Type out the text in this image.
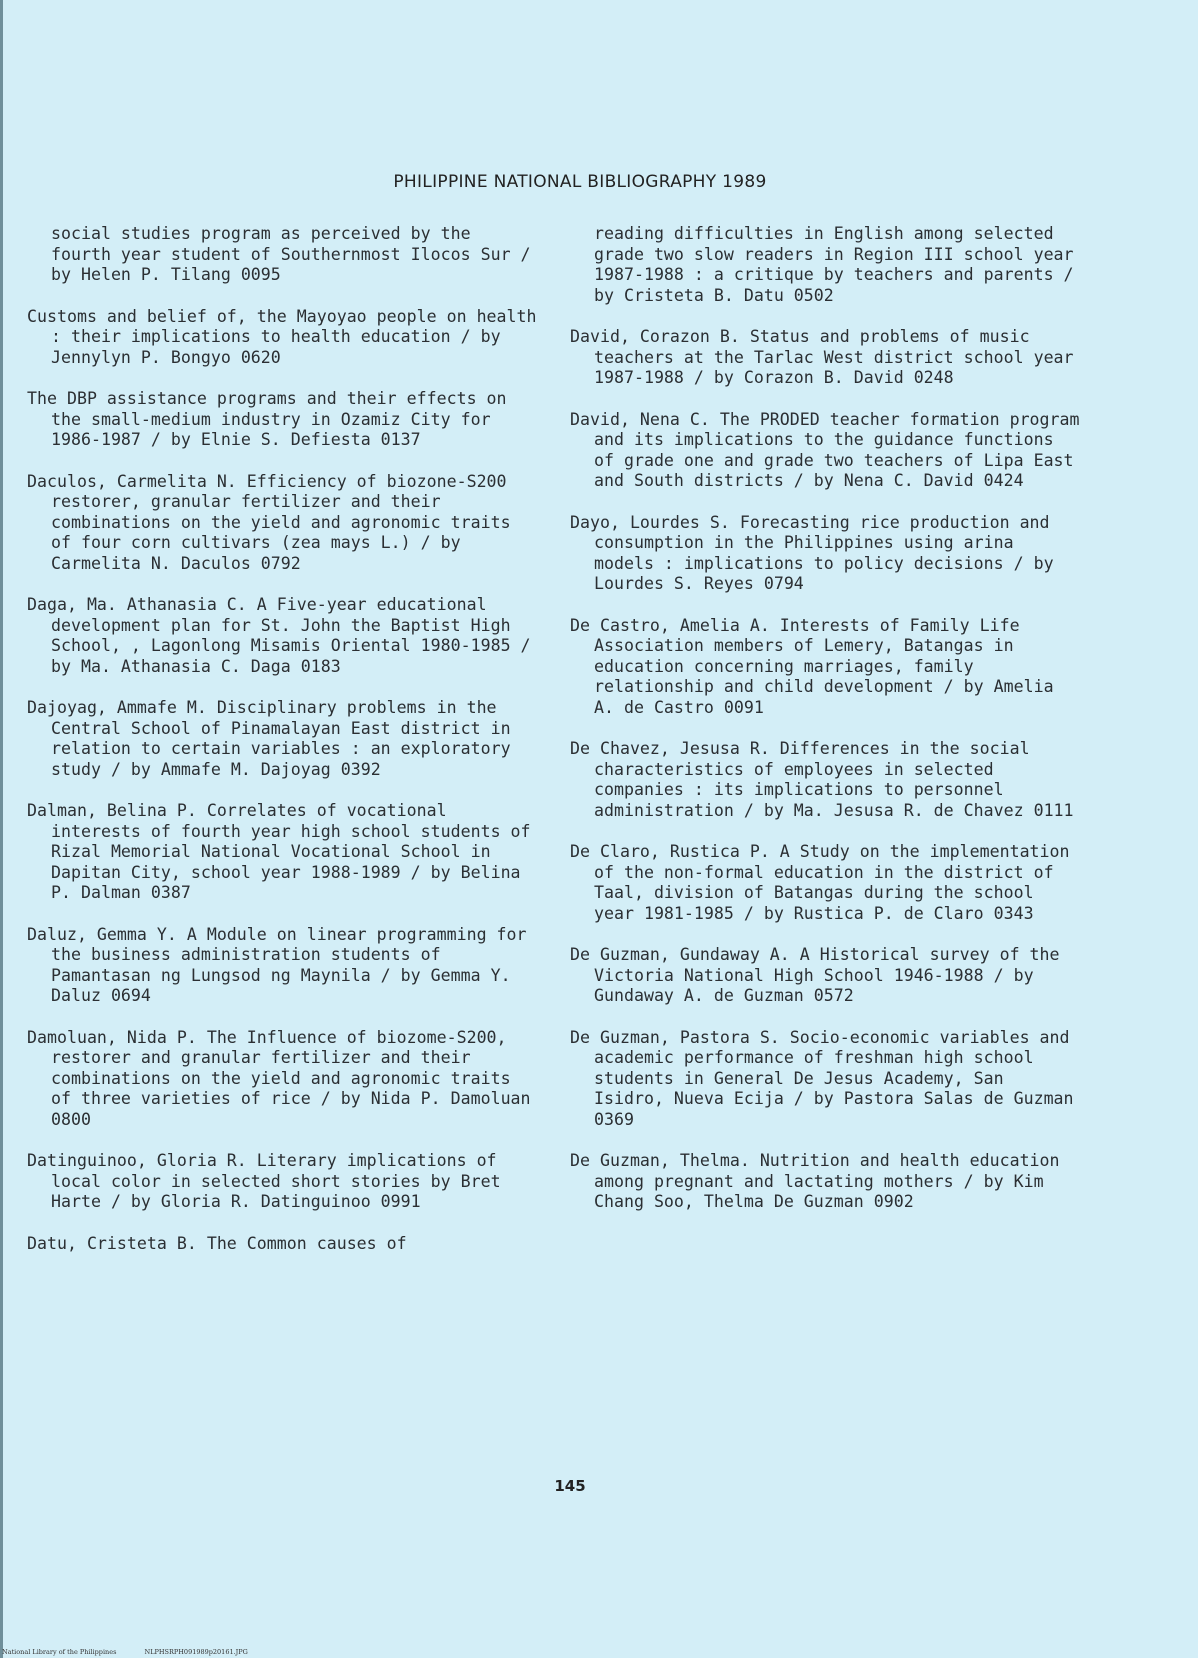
PHILIPPINE NATIONAL BIBLIOGRAPHY 1989
social studies program as perceived by the fourth year student of Southernmost Ilocos Sur / by Helen P. Tilang 0095
Customs and belief of, the Mayoyao people on health : their implications to health education / by Jennylyn P. Bongyo 0620
The DBP assistance programs and their effects on the small-medium industry in Ozamiz City for 1986-1987 / by Elnie S. Defiesta 0137
Daculos, Carmelita N. Efficiency of biozone-S200 restorer, granular fertilizer and their combinations on the yield and agronomic traits of four corn cultivars (zea mays L.) / by Carmelita N. Daculos 0792
Daga, Ma. Athanasia C. A Five-year educational development plan for St. John the Baptist High School, , Lagonlong Misamis Oriental 1980-1985 / by Ma. Athanasia C. Daga 0183
Dajoyag, Ammafe M. Disciplinary problems in the Central School of Pinamalayan East district in relation to certain variables : an exploratory study / by Ammafe M. Dajoyag 0392
Dalman, Belina P. Correlates of vocational interests of fourth year high school students of Rizal Memorial National Vocational School in Dapitan City, school year 1988-1989 / by Belina P. Dalman 0387
Daluz, Gemma Y. A Module on linear programming for the business administration students of Pamantasan ng Lungsod ng Maynila / by Gemma Y. Daluz 0694
Damoluan, Nida P. The Influence of biozome-S200, restorer and granular fertilizer and their combinations on the yield and agronomic traits of three varieties of rice / by Nida P. Damoluan 0800
Datinguinoo, Gloria R. Literary implications of local color in selected short stories by Bret Harte / by Gloria R. Datinguinoo 0991
Datu, Cristeta B. The Common causes of
reading difficulties in English among selected grade two slow readers in Region III school year 1987-1988 : a critique by teachers and parents / by Cristeta B. Datu 0502
David, Corazon B. Status and problems of music teachers at the Tarlac West district school year 1987-1988 / by Corazon B. David 0248
David, Nena C. The PRODED teacher formation program and its implications to the guidance functions of grade one and grade two teachers of Lipa East and South districts / by Nena C. David 0424
Dayo, Lourdes S. Forecasting rice production and consumption in the Philippines using arina models : implications to policy decisions / by Lourdes S. Reyes 0794
De Castro, Amelia A. Interests of Family Life Association members of Lemery, Batangas in education concerning marriages, family relationship and child development / by Amelia A. de Castro 0091
De Chavez, Jesusa R. Differences in the social characteristics of employees in selected companies : its implications to personnel administration / by Ma. Jesusa R. de Chavez 0111
De Claro, Rustica P. A Study on the implementation of the non-formal education in the district of Taal, division of Batangas during the school year 1981-1985 / by Rustica P. de Claro 0343
De Guzman, Gundaway A. A Historical survey of the Victoria National High School 1946-1988 / by Gundaway A. de Guzman 0572
De Guzman, Pastora S. Socio-economic variables and academic performance of freshman high school students in General De Jesus Academy, San Isidro, Nueva Ecija / by Pastora Salas de Guzman 0369
De Guzman, Thelma. Nutrition and health education among pregnant and lactating mothers / by Kim Chang Soo, Thelma De Guzman 0902
145
National Library of the Philippines	NLPHSRPH091989p20161.JPG
